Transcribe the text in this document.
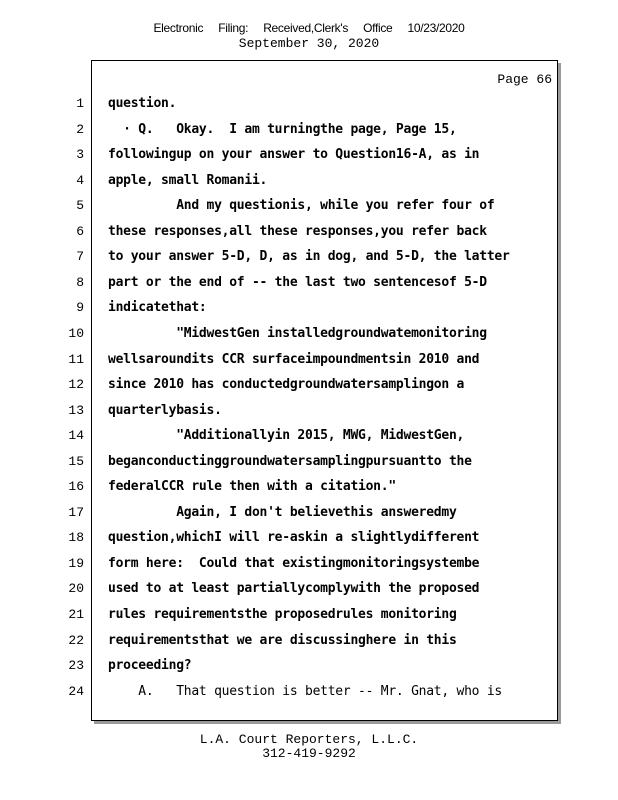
Electronic Filing: Received,Clerk's Office 10/23/2020
September 30, 2020
Page 66
1 question.
2 · Q.   Okay.  I am turningthe page, Page 15,
3 followingup on your answer to Question16-A, as in
4 apple, small Romanii.
5 And my questionis, while you refer four of
6 these responses,all these responses,you refer back
7 to your answer 5-D, D, as in dog, and 5-D, the latter
8 part or the end of -- the last two sentencesof 5-D
9 indicatethat:
10 "MidwestGen installedgroundwatemonitoring
11 wellsaroundits CCR surfaceimpoundmentsin 2010 and
12 since 2010 has conductedgroundwatersamplingon a
13 quarterlybasis.
14 "Additionallyin 2015, MWG, MidwestGen,
15 beganconductinggroundwatersamplingpursuantto the
16 federalCCR rule then with a citation."
17 Again, I don't believethis answeredmy
18 question,whichI will re-askin a slightlydifferent
19 form here:  Could that existingmonitoringsystembe
20 used to at least partiallycomplywith the proposed
21 rules requirementsthe proposedrules monitoring
22 requirementsthat we are discussinghere in this
23 proceeding?
24 A.   That question is better -- Mr. Gnat, who is
L.A. Court Reporters, L.L.C.
312-419-9292
